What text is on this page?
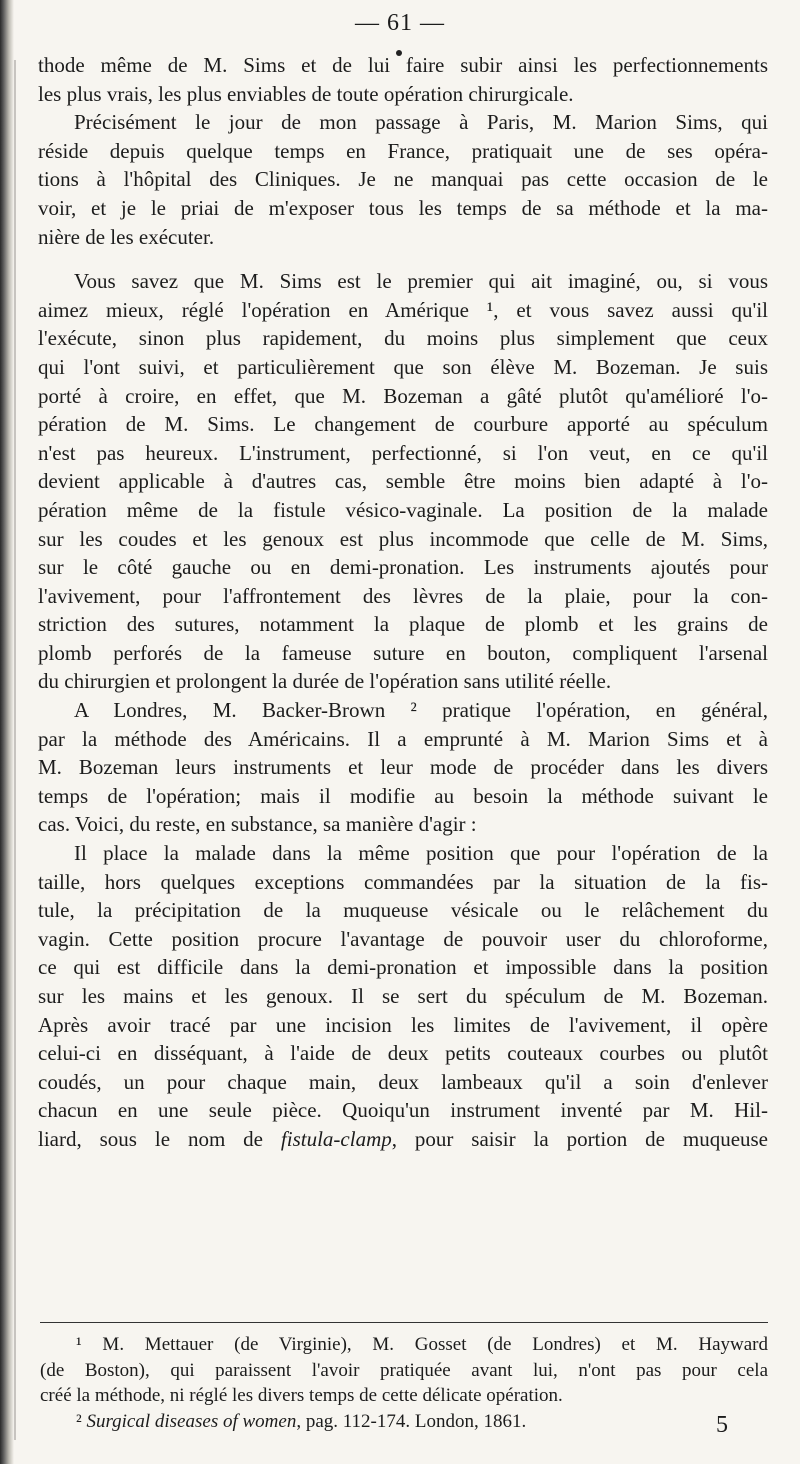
— 61 —

thode même de M. Sims et de lui faire subir ainsi les perfectionnements

les plus vrais, les plus enviables de toute opération chirurgicale.

Précisément le jour de mon passage à Paris, M. Marion Sims, qui

réside depuis quelque temps en France, pratiquait une de ses opéra-

tions à l'hôpital des Cliniques. Je ne manquai pas cette occasion de le

voir, et je le priai de m'exposer tous les temps de sa méthode et la ma-

nière de les exécuter.

Vous savez que M. Sims est le premier qui ait imaginé, ou, si vous

aimez mieux, réglé l'opération en Amérique ¹, et vous savez aussi qu'il

l'exécute, sinon plus rapidement, du moins plus simplement que ceux

qui l'ont suivi, et particulièrement que son élève M. Bozeman. Je suis

porté à croire, en effet, que M. Bozeman a gâté plutôt qu'amélioré l'o-

pération de M. Sims. Le changement de courbure apporté au spéculum

n'est pas heureux. L'instrument, perfectionné, si l'on veut, en ce qu'il

devient applicable à d'autres cas, semble être moins bien adapté à l'o-

pération même de la fistule vésico-vaginale. La position de la malade

sur les coudes et les genoux est plus incommode que celle de M. Sims,

sur le côté gauche ou en demi-pronation. Les instruments ajoutés pour

l'avivement, pour l'affrontement des lèvres de la plaie, pour la con-

striction des sutures, notamment la plaque de plomb et les grains de

plomb perforés de la fameuse suture en bouton, compliquent l'arsenal

du chirurgien et prolongent la durée de l'opération sans utilité réelle.

A Londres, M. Backer-Brown ² pratique l'opération, en général,

par la méthode des Américains. Il a emprunté à M. Marion Sims et à

M. Bozeman leurs instruments et leur mode de procéder dans les divers

temps de l'opération; mais il modifie au besoin la méthode suivant le

cas. Voici, du reste, en substance, sa manière d'agir :

Il place la malade dans la même position que pour l'opération de la

taille, hors quelques exceptions commandées par la situation de la fis-

tule, la précipitation de la muqueuse vésicale ou le relâchement du

vagin. Cette position procure l'avantage de pouvoir user du chloroforme,

ce qui est difficile dans la demi-pronation et impossible dans la position

sur les mains et les genoux. Il se sert du spéculum de M. Bozeman.

Après avoir tracé par une incision les limites de l'avivement, il opère

celui-ci en disséquant, à l'aide de deux petits couteaux courbes ou plutôt

coudés, un pour chaque main, deux lambeaux qu'il a soin d'enlever

chacun en une seule pièce. Quoiqu'un instrument inventé par M. Hil-

liard, sous le nom de fistula-clamp, pour saisir la portion de muqueuse

¹ M. Mettauer (de Virginie), M. Gosset (de Londres) et M. Hayward

(de Boston), qui paraissent l'avoir pratiquée avant lui, n'ont pas pour cela

créé la méthode, ni réglé les divers temps de cette délicate opération.

² Surgical diseases of women, pag. 112-174. London, 1861.	5
